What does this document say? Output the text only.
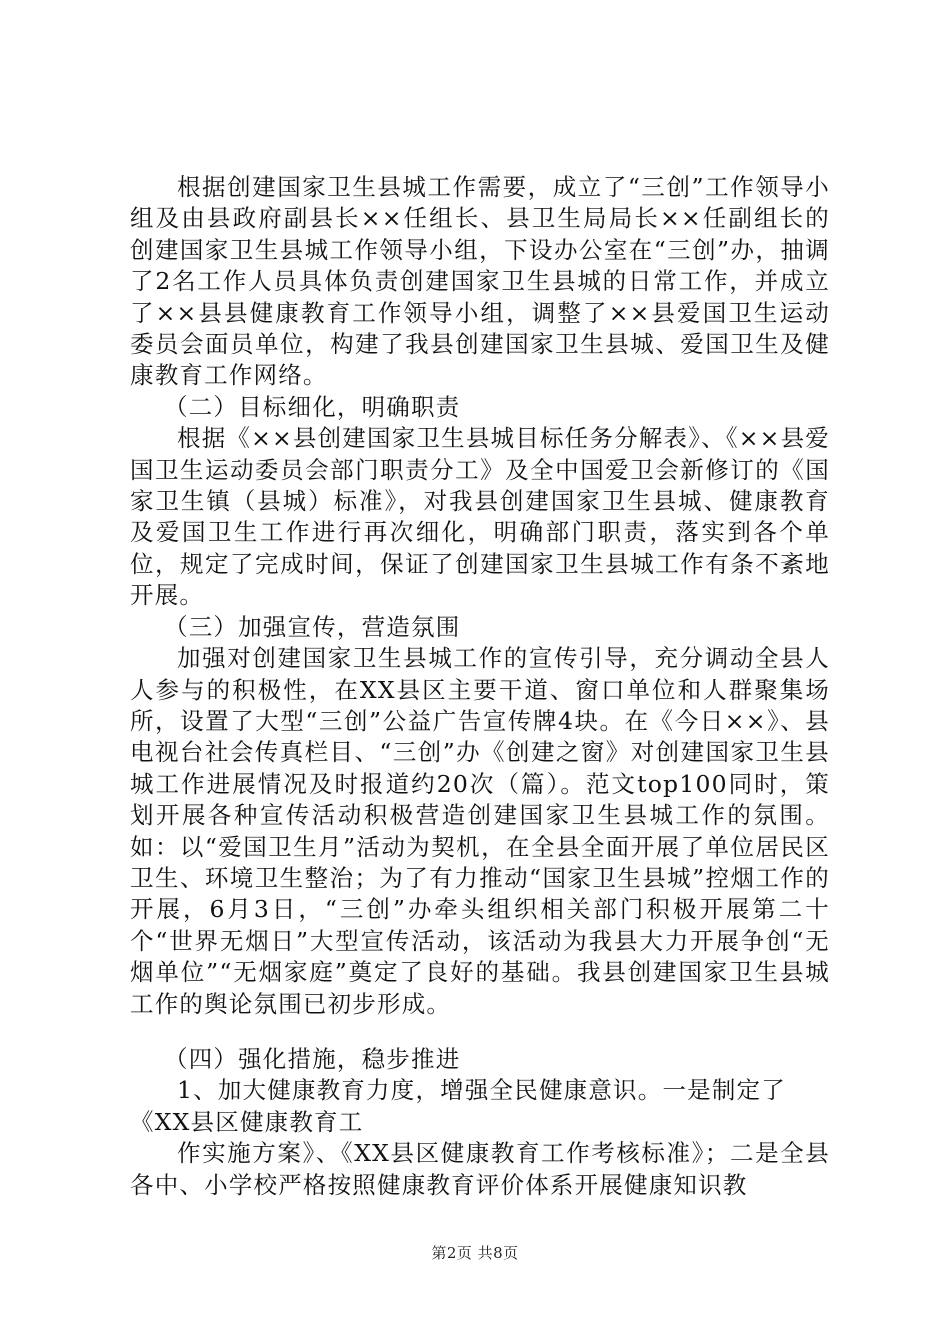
根据创建国家卫生县城工作需要，成立了“三创”工作领导小组及由县政府副县长××任组长、县卫生局局长××任副组长的创建国家卫生县城工作领导小组，下设办公室在“三创”办，抽调了2名工作人员具体负责创建国家卫生县城的日常工作，并成立了××县县健康教育工作领导小组，调整了××县爱国卫生运动委员会面员单位，构建了我县创建国家卫生县城、爱国卫生及健康教育工作网络。

（二）目标细化，明确职责

根据《××县创建国家卫生县城目标任务分解表》、《××县爱国卫生运动委员会部门职责分工》及全中国爱卫会新修订的《国家卫生镇（县城）标准》，对我县创建国家卫生县城、健康教育及爱国卫生工作进行再次细化，明确部门职责，落实到各个单位，规定了完成时间，保证了创建国家卫生县城工作有条不紊地开展。

（三）加强宣传，营造氛围

加强对创建国家卫生县城工作的宣传引导，充分调动全县人人参与的积极性，在XX县区主要干道、窗口单位和人群聚集场所，设置了大型“三创”公益广告宣传牌4块。在《今日××》、县电视台社会传真栏目、“三创”办《创建之窗》对创建国家卫生县城工作进展情况及时报道约20次（篇）。范文top100同时，策划开展各种宣传活动积极营造创建国家卫生县城工作的氛围。如：以“爱国卫生月”活动为契机，在全县全面开展了单位居民区卫生、环境卫生整治；为了有力推动“国家卫生县城”控烟工作的开展，6月3日，“三创”办牵头组织相关部门积极开展第二十个“世界无烟日”大型宣传活动，该活动为我县大力开展争创“无烟单位”“无烟家庭”奠定了良好的基础。我县创建国家卫生县城工作的舆论氛围已初步形成。

（四）强化措施，稳步推进

1、加大健康教育力度，增强全民健康意识。一是制定了

《XX县区健康教育工

作实施方案》、《XX县区健康教育工作考核标准》；二是全县各中、小学校严格按照健康教育评价体系开展健康知识教

第2页 共8页
